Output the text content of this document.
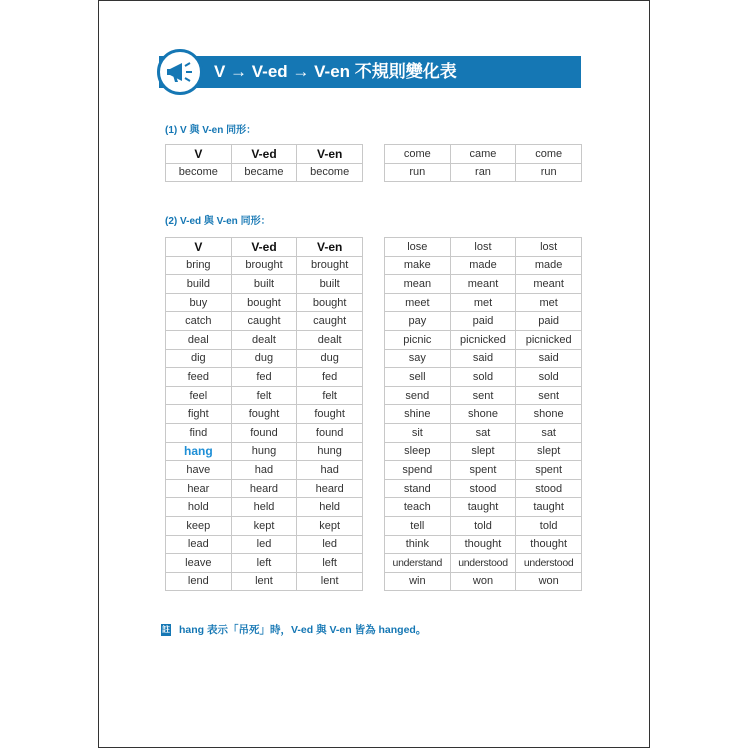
V → V-ed → V-en 不規則變化表
(1) V 與 V-en 同形：
V	V-ed	V-en
become	became	become
come	came	come
run	ran	run
(2) V-ed 與 V-en 同形：
V	V-ed	V-en
bring	brought	brought
build	built	built
buy	bought	bought
catch	caught	caught
deal	dealt	dealt
dig	dug	dug
feed	fed	fed
feel	felt	felt
fight	fought	fought
find	found	found
hang	hung	hung
have	had	had
hear	heard	heard
hold	held	held
keep	kept	kept
lead	led	led
leave	left	left
lend	lent	lent
lose	lost	lost
make	made	made
mean	meant	meant
meet	met	met
pay	paid	paid
picnic	picnicked	picnicked
say	said	said
sell	sold	sold
send	sent	sent
shine	shone	shone
sit	sat	sat
sleep	slept	slept
spend	spent	spent
stand	stood	stood
teach	taught	taught
tell	told	told
think	thought	thought
understand	understood	understood
win	won	won
註 hang 表示「吊死」時，V-ed 與 V-en 皆為 hanged。
